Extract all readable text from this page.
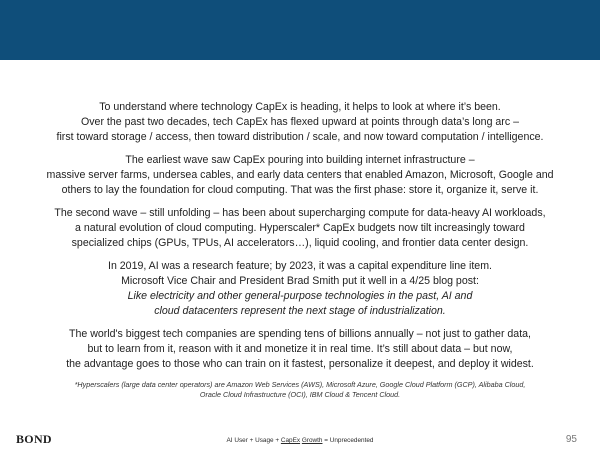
To understand where technology CapEx is heading, it helps to look at where it’s been.
Over the past two decades, tech CapEx has flexed upward at points through data’s long arc –
first toward storage / access, then toward distribution / scale, and now toward computation / intelligence.
The earliest wave saw CapEx pouring into building internet infrastructure –
massive server farms, undersea cables, and early data centers that enabled Amazon, Microsoft, Google and
others to lay the foundation for cloud computing. That was the first phase: store it, organize it, serve it.
The second wave – still unfolding – has been about supercharging compute for data-heavy AI workloads,
a natural evolution of cloud computing. Hyperscaler* CapEx budgets now tilt increasingly toward
specialized chips (GPUs, TPUs, AI accelerators…), liquid cooling, and frontier data center design.
In 2019, AI was a research feature; by 2023, it was a capital expenditure line item.
Microsoft Vice Chair and President Brad Smith put it well in a 4/25 blog post:
Like electricity and other general-purpose technologies in the past, AI and
cloud datacenters represent the next stage of industrialization.
The world's biggest tech companies are spending tens of billions annually – not just to gather data,
but to learn from it, reason with it and monetize it in real time. It’s still about data – but now,
the advantage goes to those who can train on it fastest, personalize it deepest, and deploy it widest.
*Hyperscalers (large data center operators) are Amazon Web Services (AWS), Microsoft Azure, Google Cloud Platform (GCP), Alibaba Cloud,
Oracle Cloud Infrastructure (OCI), IBM Cloud & Tencent Cloud.
BOND	AI User + Usage + CapEx Growth = Unprecedented	95
